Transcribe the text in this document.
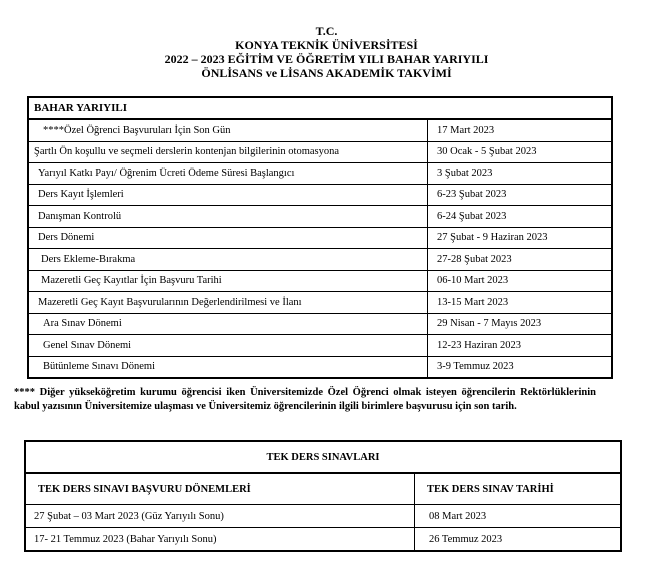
T.C.
KONYA TEKNİK ÜNİVERSİTESİ
2022 – 2023 EĞİTİM VE ÖĞRETİM YILI BAHAR YARIYILI
ÖNLİSANS ve LİSANS AKADEMİK TAKVİMİ
BAHAR YARIYILI	
****Özel Öğrenci Başvuruları İçin Son Gün	17 Mart 2023
Şartlı Ön koşullu ve seçmeli derslerin kontenjan bilgilerinin otomasyona	30 Ocak - 5 Şubat 2023
Yarıyıl Katkı Payı/ Öğrenim Ücreti Ödeme Süresi Başlangıcı	3 Şubat 2023
Ders Kayıt İşlemleri	6-23 Şubat 2023
Danışman Kontrolü	6-24 Şubat 2023
Ders Dönemi	27 Şubat - 9 Haziran 2023
Ders Ekleme-Bırakma	27-28 Şubat 2023
Mazeretli Geç Kayıtlar İçin Başvuru Tarihi	06-10 Mart 2023
Mazeretli Geç Kayıt Başvurularının Değerlendirilmesi ve İlanı	13-15 Mart 2023
Ara Sınav Dönemi	29 Nisan - 7 Mayıs 2023
Genel Sınav Dönemi	12-23 Haziran 2023
Bütünleme Sınavı Dönemi	3-9 Temmuz 2023
**** Diğer yükseköğretim kurumu öğrencisi iken Üniversitemizde Özel Öğrenci olmak isteyen öğrencilerin Rektörlüklerinin kabul yazısının Üniversitemize ulaşması ve Üniversitemiz öğrencilerinin ilgili birimlere başvurusu için son tarih.
TEK DERS SINAVLARI	
TEK DERS SINAVI BAŞVURU DÖNEMLERİ	TEK DERS SINAV TARİHİ
27 Şubat – 03 Mart 2023 (Güz Yarıyılı Sonu)	08 Mart 2023
17- 21 Temmuz 2023 (Bahar Yarıyılı Sonu)	26 Temmuz 2023
